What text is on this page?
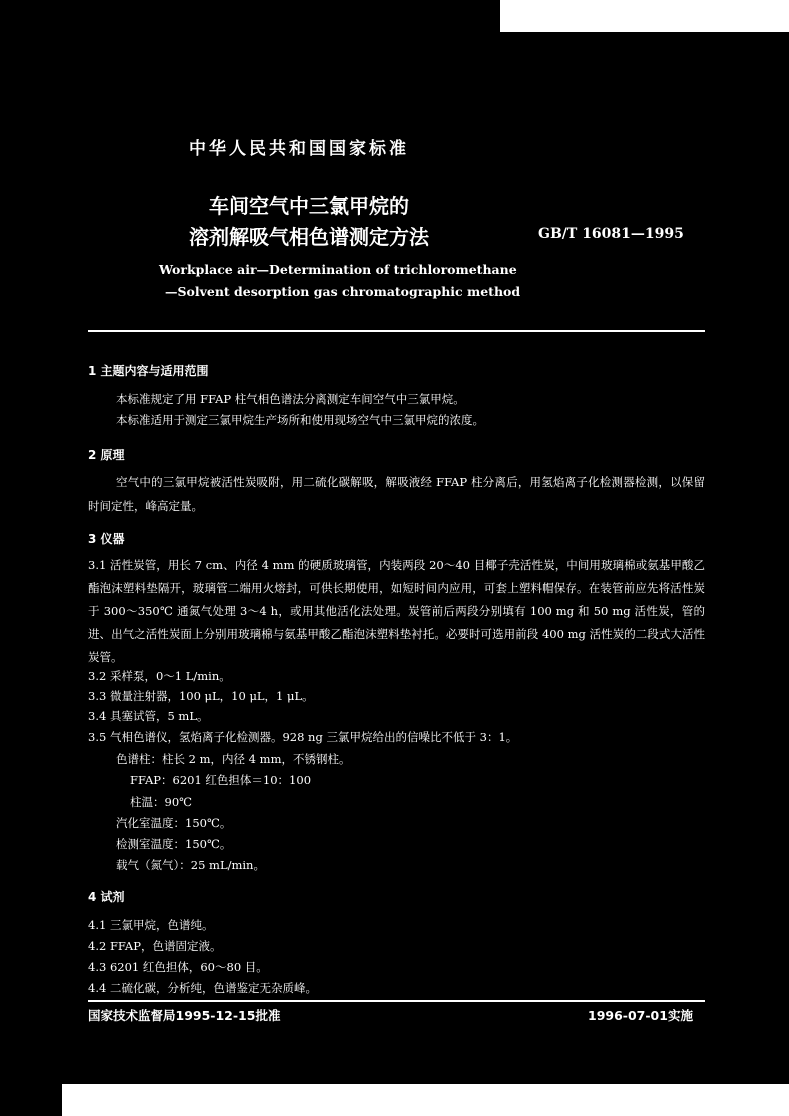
中华人民共和国国家标准
车间空气中三氯甲烷的
溶剂解吸气相色谱测定方法	GB/T 16081—1995
Workplace air—Determination of trichloromethane
—Solvent desorption gas chromatographic method
1 主题内容与适用范围
本标准规定了用 FFAP 柱气相色谱法分离测定车间空气中三氯甲烷。
本标准适用于测定三氯甲烷生产场所和使用现场空气中三氯甲烷的浓度。
2 原理
空气中的三氯甲烷被活性炭吸附，用二硫化碳解吸，解吸液经 FFAP 柱分离后，用氢焰离子化检测器检测，以保留时间定性，峰高定量。
3 仪器
3.1 活性炭管，用长 7 cm、内径 4 mm 的硬质玻璃管，内装两段 20～40 目椰子壳活性炭，中间用玻璃棉或氨基甲酸乙酯泡沫塑料垫隔开，玻璃管二端用火熔封，可供长期使用，如短时间内应用，可套上塑料帽保存。在装管前应先将活性炭于 300～350℃ 通氮气处理 3～4 h，或用其他活化法处理。炭管前后两段分别填有 100 mg 和 50 mg 活性炭，管的进、出气之活性炭面上分别用玻璃棉与氨基甲酸乙酯泡沫塑料垫衬托。必要时可选用前段 400 mg 活性炭的二段式大活性炭管。
3.2 采样泵，0～1 L/min。
3.3 微量注射器，100 μL，10 μL，1 μL。
3.4 具塞试管，5 mL。
3.5 气相色谱仪，氢焰离子化检测器。928 ng 三氯甲烷给出的信噪比不低于 3：1。
色谱柱：柱长 2 m，内径 4 mm，不锈钢柱。
FFAP：6201 红色担体＝10：100
柱温：90℃
汽化室温度：150℃。
检测室温度：150℃。
载气（氮气）：25 mL/min。
4 试剂
4.1 三氯甲烷，色谱纯。
4.2 FFAP，色谱固定液。
4.3 6201 红色担体，60～80 目。
4.4 二硫化碳，分析纯，色谱鉴定无杂质峰。
国家技术监督局1995-12-15批准	1996-07-01实施
